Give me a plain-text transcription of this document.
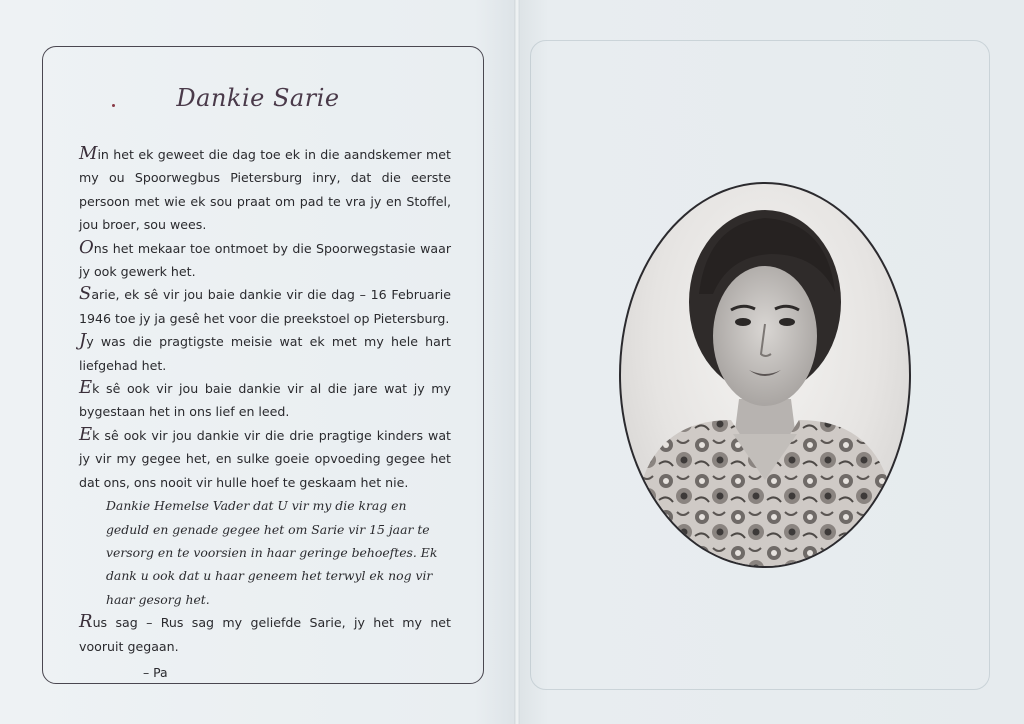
Dankie Sarie

Min het ek geweet die dag toe ek in die aandskemer met my ou Spoorwegbus Pietersburg inry, dat die eerste persoon met wie ek sou praat om pad te vra jy en Stoffel, jou broer, sou wees.

Ons het mekaar toe ontmoet by die Spoorwegstasie waar jy ook gewerk het.

Sarie, ek sê vir jou baie dankie vir die dag – 16 Februarie 1946 toe jy ja gesê het voor die preekstoel op Pietersburg.

Jy was die pragtigste meisie wat ek met my hele hart liefgehad het.

Ek sê ook vir jou baie dankie vir al die jare wat jy my bygestaan het in ons lief en leed.

Ek sê ook vir jou dankie vir die drie pragtige kinders wat jy vir my gegee het, en sulke goeie opvoeding gegee het dat ons, ons nooit vir hulle hoef te geskaam het nie.

Dankie Hemelse Vader dat U vir my die krag en geduld en genade gegee het om Sarie vir 15 jaar te versorg en te voorsien in haar geringe behoeftes. Ek dank u ook dat u haar geneem het terwyl ek nog vir haar gesorg het.

Rus sag – Rus sag my geliefde Sarie, jy het my net vooruit gegaan.

– Pa
